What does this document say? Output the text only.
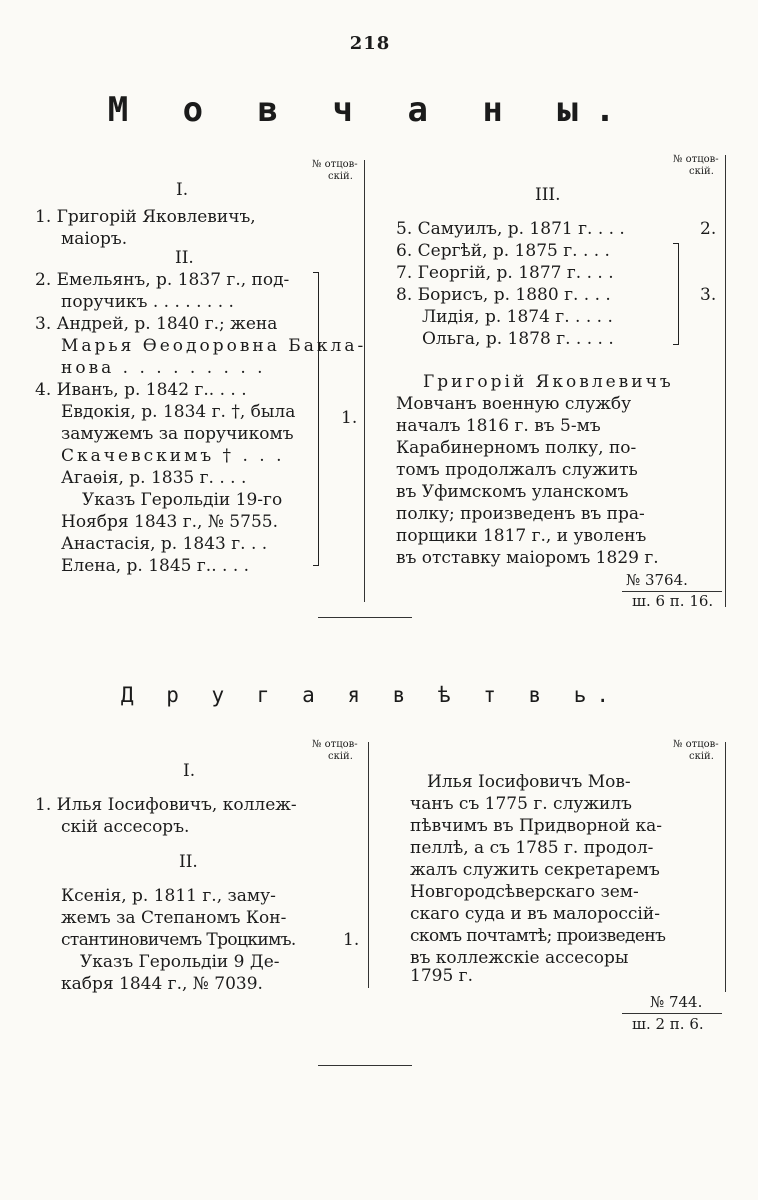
218
М о в ч а н ы.
№ отцов-
скій.
№ отцов-
скій.
I.
1. Григорій Яковлевичъ,
маіоръ.
II.
2. Емельянъ, р. 1837 г., под-
поручикъ . . . . . . . .
3. Андрей, р. 1840 г.; жена
Марья Ѳеодоровна Бакла-
нова . . . . . . . . .
4. Иванъ, р. 1842 г.. . . .
Евдокія, р. 1834 г. †, была
замужемъ за поручикомъ
Скачевскимъ † . . .
Агаѳія, р. 1835 г. . . .
Указъ Герольдіи 19-го
Ноября 1843 г., № 5755.
Анастасія, р. 1843 г. . .
Елена, р. 1845 г.. . . .
1.
III.
5. Самуилъ, р. 1871 г. . . .
6. Сергѣй, р. 1875 г. . . .
7. Георгій, р. 1877 г. . . .
8. Борисъ, р. 1880 г. . . .
Лидія, р. 1874 г. . . . .
Ольга, р. 1878 г. . . . .
2.
3.
Григорій Яковлевичъ
Мовчанъ военную службу
началъ 1816 г. въ 5-мъ
Карабинерномъ полку, по-
томъ продолжалъ служить
въ Уфимскомъ уланскомъ
полку; произведенъ въ пра-
порщики 1817 г., и уволенъ
въ отставку маіоромъ 1829 г.
№ 3764.
ш. 6 п. 16.
Д р у г а я в ѣ т в ь.
№ отцов-
скій.
№ отцов-
скій.
I.
1. Илья Іосифовичъ, коллеж-
скій ассесоръ.
II.
Ксенія, р. 1811 г., заму-
жемъ за Степаномъ Кон-
стантиновичемъ Троцкимъ.
Указъ Герольдіи 9 Де-
кабря 1844 г., № 7039.
1.
Илья Іосифовичъ Мов-
чанъ съ 1775 г. служилъ
пѣвчимъ въ Придворной ка-
пеллѣ, а съ 1785 г. продол-
жалъ служить секретаремъ
Новгородсѣверскаго зем-
скаго суда и въ малороссій-
скомъ почтамтѣ; произведенъ
въ коллежскіе ассесоры
1795 г.
№ 744.
ш. 2 п. 6.
